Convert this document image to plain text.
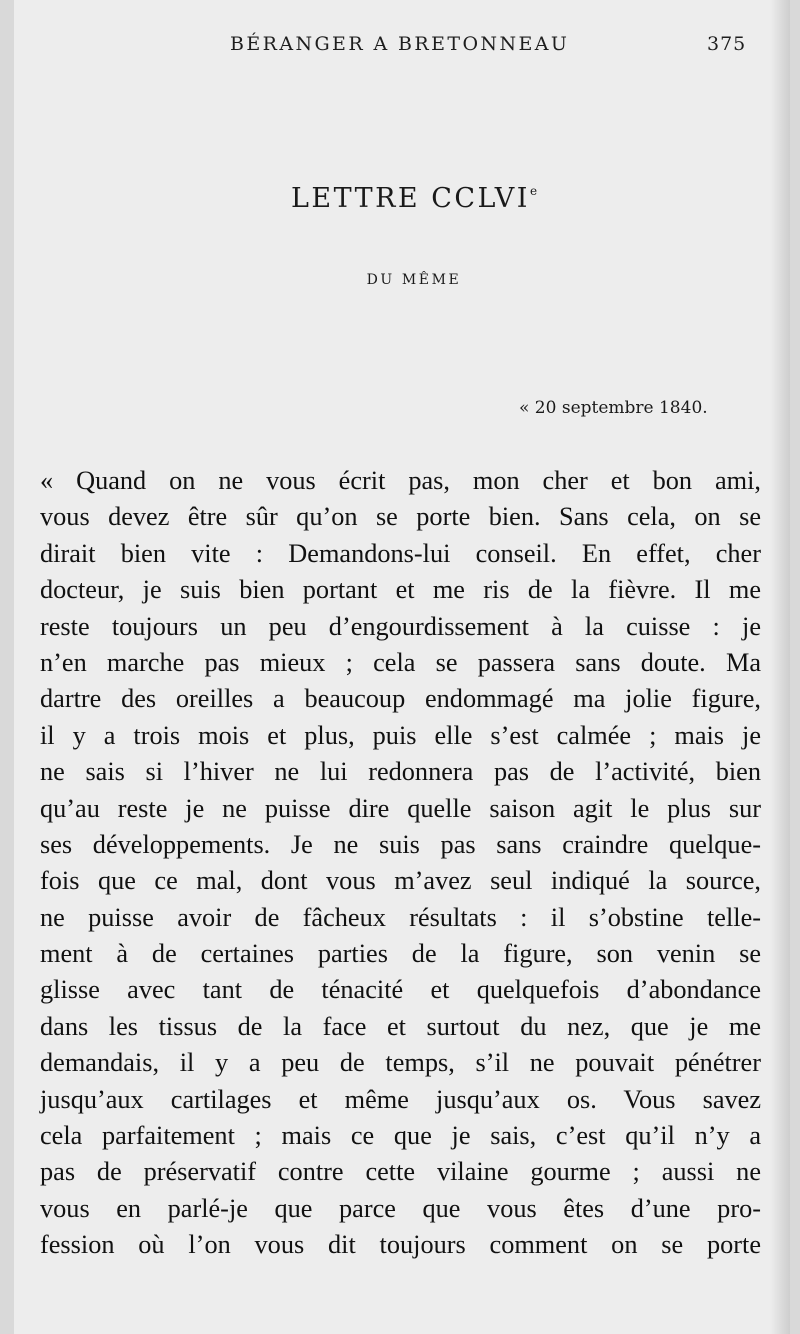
BÉRANGER A BRETONNEAU	375
LETTRE CCLVIe
DU MÊME
« 20 septembre 1840.
« Quand on ne vous écrit pas, mon cher et bon ami,
vous devez être sûr qu’on se porte bien. Sans cela, on se
dirait bien vite : Demandons-lui conseil. En effet, cher
docteur, je suis bien portant et me ris de la fièvre. Il me
reste toujours un peu d’engourdissement à la cuisse : je
n’en marche pas mieux ; cela se passera sans doute. Ma
dartre des oreilles a beaucoup endommagé ma jolie figure,
il y a trois mois et plus, puis elle s’est calmée ; mais je
ne sais si l’hiver ne lui redonnera pas de l’activité, bien
qu’au reste je ne puisse dire quelle saison agit le plus sur
ses développements. Je ne suis pas sans craindre quelque-
fois que ce mal, dont vous m’avez seul indiqué la source,
ne puisse avoir de fâcheux résultats : il s’obstine telle-
ment à de certaines parties de la figure, son venin se
glisse avec tant de ténacité et quelquefois d’abondance
dans les tissus de la face et surtout du nez, que je me
demandais, il y a peu de temps, s’il ne pouvait pénétrer
jusqu’aux cartilages et même jusqu’aux os. Vous savez
cela parfaitement ; mais ce que je sais, c’est qu’il n’y a
pas de préservatif contre cette vilaine gourme ; aussi ne
vous en parlé-je que parce que vous êtes d’une pro-
fession où l’on vous dit toujours comment on se porte
